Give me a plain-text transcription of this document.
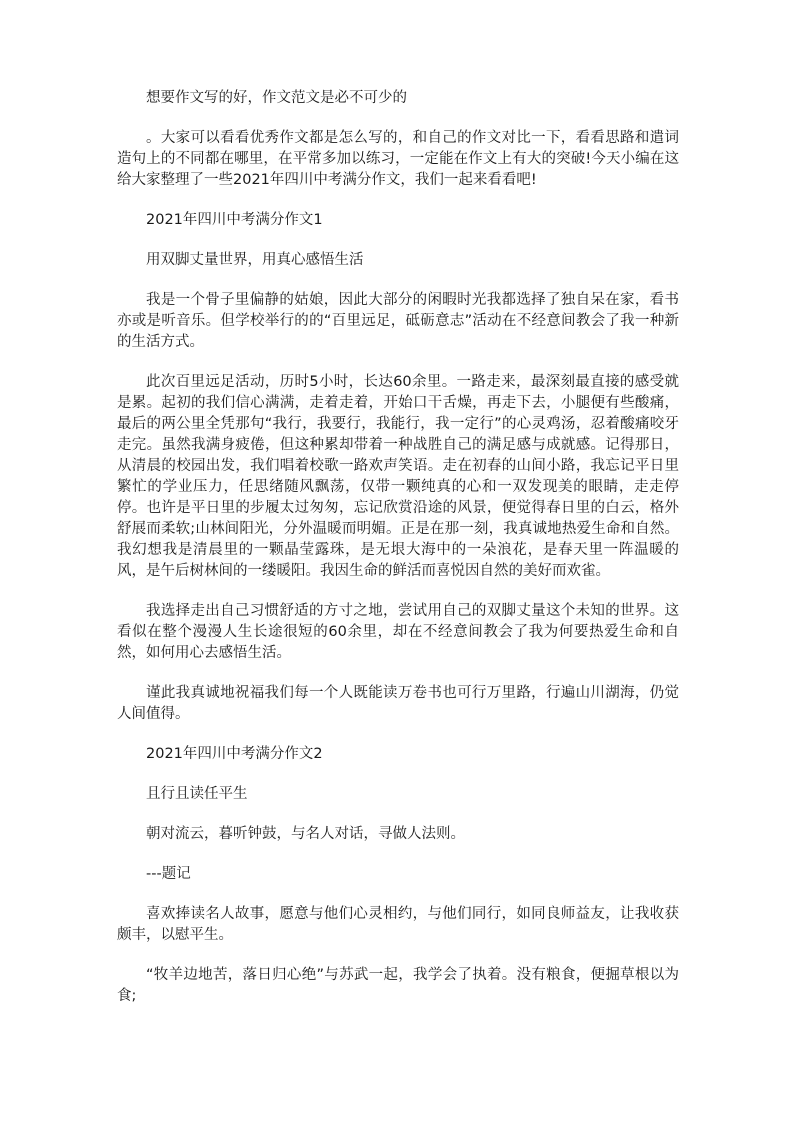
想要作文写的好，作文范文是必不可少的

。大家可以看看优秀作文都是怎么写的，和自己的作文对比一下，看看思路和遣词造句上的不同都在哪里，在平常多加以练习，一定能在作文上有大的突破!今天小编在这给大家整理了一些2021年四川中考满分作文，我们一起来看看吧!

2021年四川中考满分作文1

用双脚丈量世界，用真心感悟生活

我是一个骨子里偏静的姑娘，因此大部分的闲暇时光我都选择了独自呆在家，看书亦或是听音乐。但学校举行的的“百里远足，砥砺意志”活动在不经意间教会了我一种新的生活方式。

此次百里远足活动，历时5小时，长达60余里。一路走来，最深刻最直接的感受就是累。起初的我们信心满满，走着走着，开始口干舌燥，再走下去，小腿便有些酸痛，最后的两公里全凭那句“我行，我要行，我能行，我一定行”的心灵鸡汤，忍着酸痛咬牙走完。虽然我满身疲倦，但这种累却带着一种战胜自己的满足感与成就感。记得那日，从清晨的校园出发，我们唱着校歌一路欢声笑语。走在初春的山间小路，我忘记平日里繁忙的学业压力，任思绪随风飘荡，仅带一颗纯真的心和一双发现美的眼睛，走走停停。也许是平日里的步履太过匆匆，忘记欣赏沿途的风景，便觉得春日里的白云，格外舒展而柔软;山林间阳光，分外温暖而明媚。正是在那一刻，我真诚地热爱生命和自然。我幻想我是清晨里的一颗晶莹露珠，是无垠大海中的一朵浪花，是春天里一阵温暖的风，是午后树林间的一缕暖阳。我因生命的鲜活而喜悦因自然的美好而欢雀。

我选择走出自己习惯舒适的方寸之地，尝试用自己的双脚丈量这个未知的世界。这看似在整个漫漫人生长途很短的60余里，却在不经意间教会了我为何要热爱生命和自然，如何用心去感悟生活。

谨此我真诚地祝福我们每一个人既能读万卷书也可行万里路，行遍山川湖海，仍觉人间值得。

2021年四川中考满分作文2

且行且读任平生

朝对流云，暮听钟鼓，与名人对话，寻做人法则。

---题记

喜欢捧读名人故事，愿意与他们心灵相约，与他们同行，如同良师益友，让我收获颇丰，以慰平生。

“牧羊边地苦，落日归心绝”与苏武一起，我学会了执着。没有粮食，便掘草根以为食;
